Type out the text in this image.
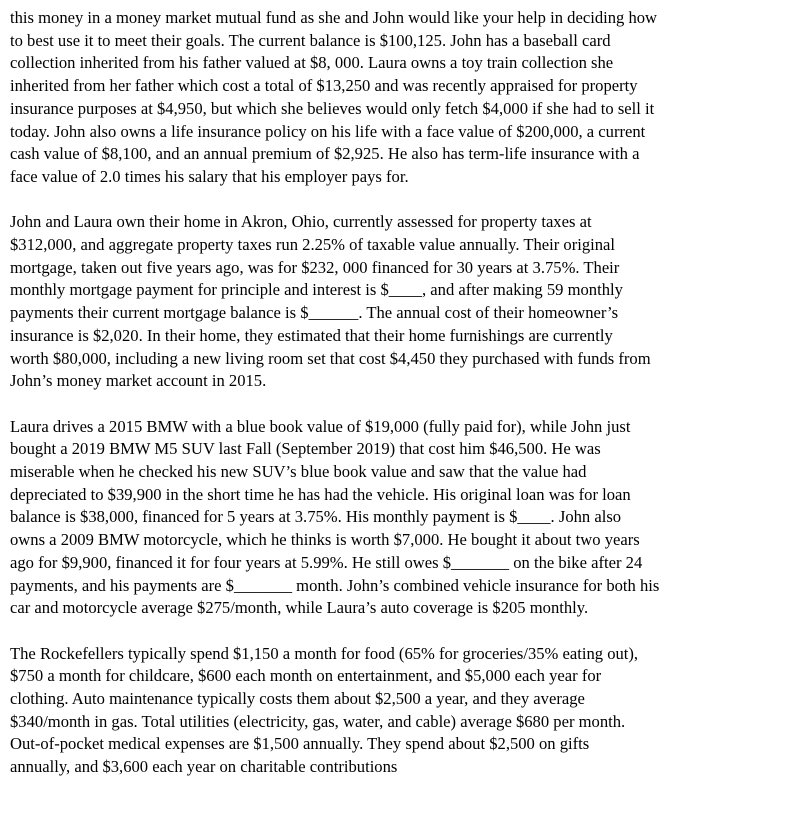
this money in a money market mutual fund as she and John would like your help in deciding how
to best use it to meet their goals. The current balance is $100,125. John has a baseball card
collection inherited from his father valued at $8, 000. Laura owns a toy train collection she
inherited from her father which cost a total of $13,250 and was recently appraised for property
insurance purposes at $4,950, but which she believes would only fetch $4,000 if she had to sell it
today. John also owns a life insurance policy on his life with a face value of $200,000, a current
cash value of $8,100, and an annual premium of $2,925. He also has term-life insurance with a
face value of 2.0 times his salary that his employer pays for.
John and Laura own their home in Akron, Ohio, currently assessed for property taxes at
$312,000, and aggregate property taxes run 2.25% of taxable value annually. Their original
mortgage, taken out five years ago, was for $232, 000 financed for 30 years at 3.75%. Their
monthly mortgage payment for principle and interest is $____, and after making 59 monthly
payments their current mortgage balance is $______. The annual cost of their homeowner’s
insurance is $2,020. In their home, they estimated that their home furnishings are currently
worth $80,000, including a new living room set that cost $4,450 they purchased with funds from
John’s money market account in 2015.
Laura drives a 2015 BMW with a blue book value of $19,000 (fully paid for), while John just
bought a 2019 BMW M5 SUV last Fall (September 2019) that cost him $46,500. He was
miserable when he checked his new SUV’s blue book value and saw that the value had
depreciated to $39,900 in the short time he has had the vehicle. His original loan was for loan
balance is $38,000, financed for 5 years at 3.75%. His monthly payment is $____. John also
owns a 2009 BMW motorcycle, which he thinks is worth $7,000. He bought it about two years
ago for $9,900, financed it for four years at 5.99%. He still owes $_______ on the bike after 24
payments, and his payments are $_______ month. John’s combined vehicle insurance for both his
car and motorcycle average $275/month, while Laura’s auto coverage is $205 monthly.
The Rockefellers typically spend $1,150 a month for food (65% for groceries/35% eating out),
$750 a month for childcare, $600 each month on entertainment, and $5,000 each year for
clothing. Auto maintenance typically costs them about $2,500 a year, and they average
$340/month in gas. Total utilities (electricity, gas, water, and cable) average $680 per month.
Out-of-pocket medical expenses are $1,500 annually. They spend about $2,500 on gifts
annually, and $3,600 each year on charitable contributions
